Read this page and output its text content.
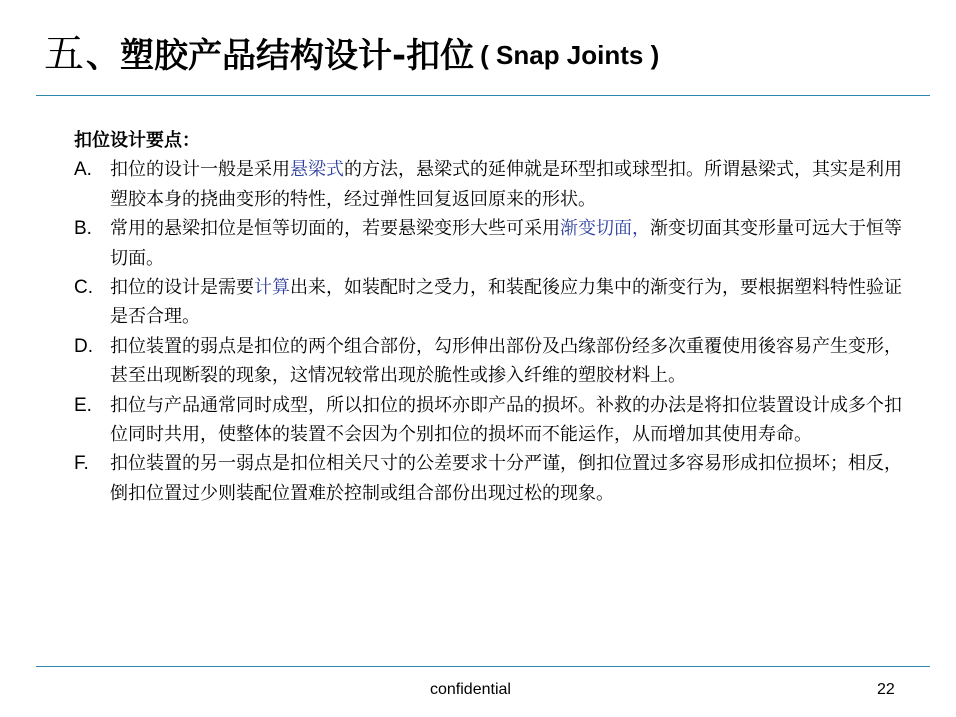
五、塑胶产品结构设计-扣位 ( Snap Joints )

扣位设计要点：

A. 扣位的设计一般是采用悬梁式的方法，悬梁式的延伸就是环型扣或球型扣。所谓悬梁式，其实是利用塑胶本身的挠曲变形的特性，经过弹性回复返回原来的形状。
B. 常用的悬梁扣位是恒等切面的，若要悬梁变形大些可采用渐变切面，渐变切面其变形量可远大于恒等切面。
C. 扣位的设计是需要计算出来，如装配时之受力，和装配後应力集中的渐变行为，要根据塑料特性验证是否合理。
D. 扣位装置的弱点是扣位的两个组合部份，勾形伸出部份及凸缘部份经多次重覆使用後容易产生变形，甚至出现断裂的现象，这情况较常出现於脆性或掺入纤维的塑胶材料上。
E. 扣位与产品通常同时成型，所以扣位的损坏亦即产品的损坏。补救的办法是将扣位装置设计成多个扣位同时共用，使整体的装置不会因为个别扣位的损坏而不能运作，从而增加其使用寿命。
F. 扣位装置的另一弱点是扣位相关尺寸的公差要求十分严谨，倒扣位置过多容易形成扣位损坏；相反，倒扣位置过少则装配位置难於控制或组合部份出现过松的现象。
confidential	22
